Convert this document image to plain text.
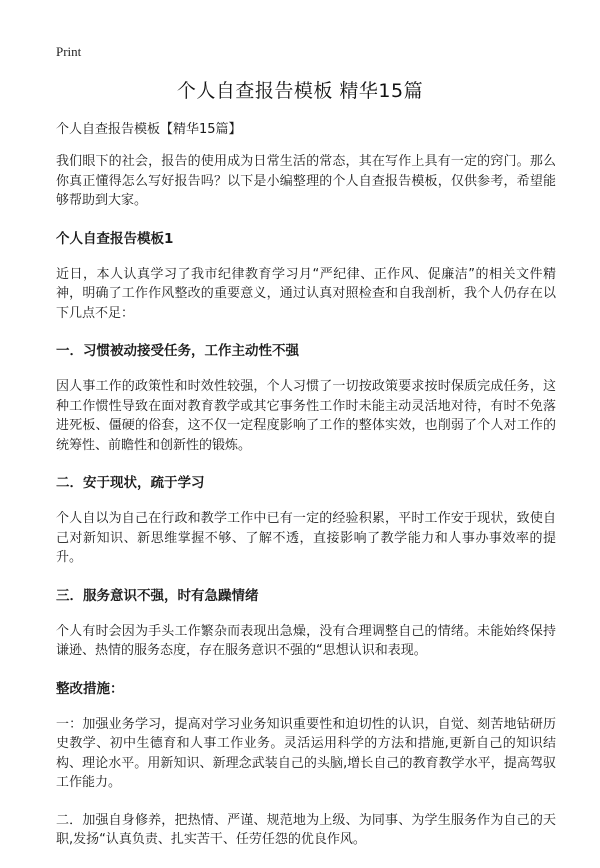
Print
个人自查报告模板 精华15篇
个人自查报告模板【精华15篇】

我们眼下的社会，报告的使用成为日常生活的常态，其在写作上具有一定的窍门。那么你真正懂得怎么写好报告吗？以下是小编整理的个人自查报告模板，仅供参考，希望能够帮助到大家。

个人自查报告模板1

近日，本人认真学习了我市纪律教育学习月“严纪律、正作风、促廉洁”的相关文件精神，明确了工作作风整改的重要意义，通过认真对照检查和自我剖析，我个人仍存在以下几点不足：

一．习惯被动接受任务，工作主动性不强

因人事工作的政策性和时效性较强，个人习惯了一切按政策要求按时保质完成任务，这种工作惯性导致在面对教育教学或其它事务性工作时未能主动灵活地对待，有时不免落进死板、僵硬的俗套，这不仅一定程度影响了工作的整体实效，也削弱了个人对工作的统筹性、前瞻性和创新性的锻炼。

二．安于现状，疏于学习

个人自以为自己在行政和教学工作中已有一定的经验积累，平时工作安于现状，致使自己对新知识、新思维掌握不够、了解不透，直接影响了教学能力和人事办事效率的提升。

三．服务意识不强，时有急躁情绪

个人有时会因为手头工作繁杂而表现出急燥，没有合理调整自己的情绪。未能始终保持谦逊、热情的服务态度，存在服务意识不强的“思想认识和表现。

整改措施：

一：加强业务学习，提高对学习业务知识重要性和迫切性的认识，自觉、刻苦地钻研历史教学、初中生德育和人事工作业务。灵活运用科学的方法和措施,更新自己的知识结构、理论水平。用新知识、新理念武装自己的头脑,增长自己的教育教学水平，提高驾驭工作能力。

二．加强自身修养，把热情、严谨、规范地为上级、为同事、为学生服务作为自己的天职,发扬“认真负责、扎实苦干、任劳任怨的优良作风。
